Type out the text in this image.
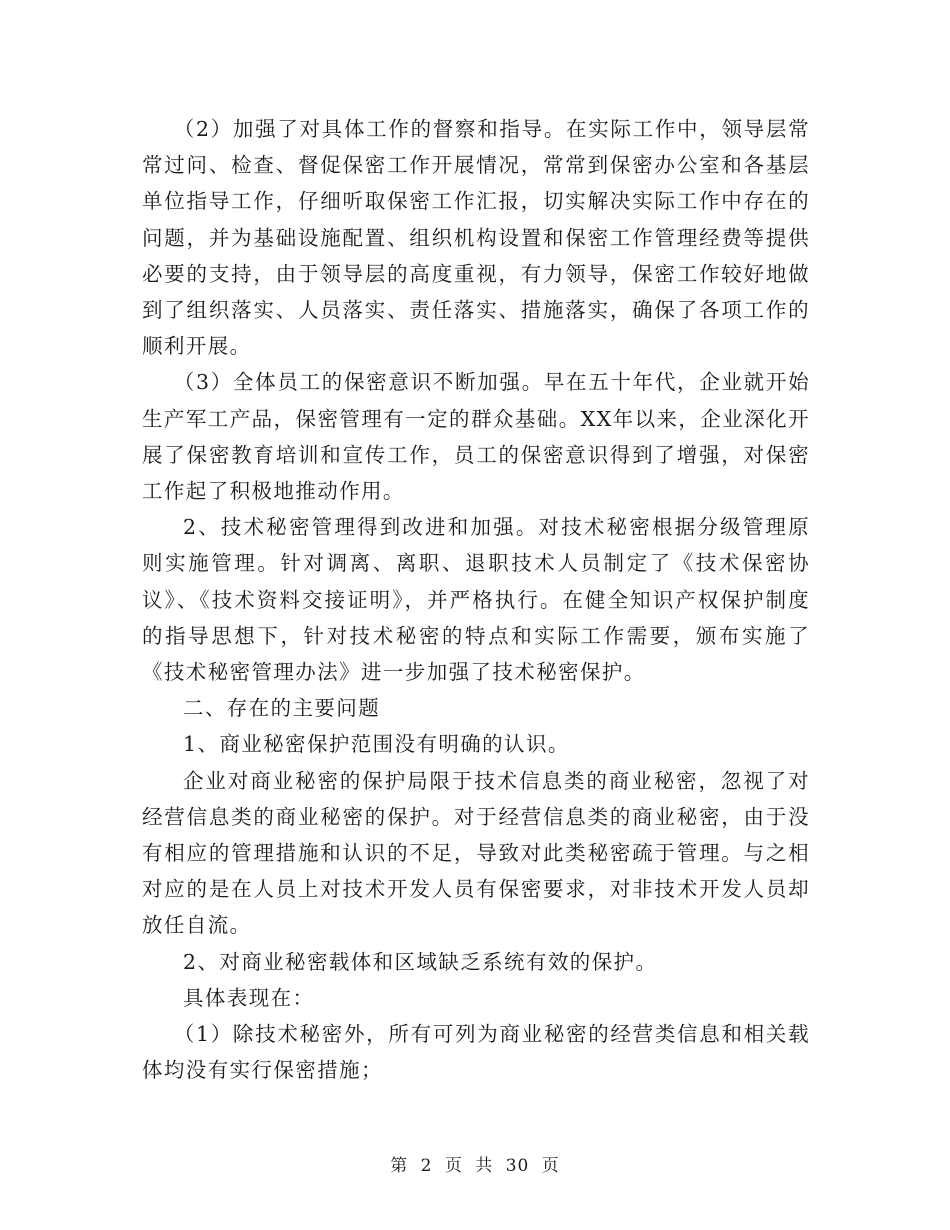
（2）加强了对具体工作的督察和指导。在实际工作中，领导层常常过问、检查、督促保密工作开展情况，常常到保密办公室和各基层单位指导工作，仔细听取保密工作汇报，切实解决实际工作中存在的问题，并为基础设施配置、组织机构设置和保密工作管理经费等提供必要的支持，由于领导层的高度重视，有力领导，保密工作较好地做到了组织落实、人员落实、责任落实、措施落实，确保了各项工作的顺利开展。

（3）全体员工的保密意识不断加强。早在五十年代，企业就开始生产军工产品，保密管理有一定的群众基础。XX年以来，企业深化开展了保密教育培训和宣传工作，员工的保密意识得到了增强，对保密工作起了积极地推动作用。

2、技术秘密管理得到改进和加强。对技术秘密根据分级管理原则实施管理。针对调离、离职、退职技术人员制定了《技术保密协议》、《技术资料交接证明》，并严格执行。在健全知识产权保护制度的指导思想下，针对技术秘密的特点和实际工作需要，颁布实施了《技术秘密管理办法》进一步加强了技术秘密保护。

二、存在的主要问题

1、商业秘密保护范围没有明确的认识。

企业对商业秘密的保护局限于技术信息类的商业秘密，忽视了对经营信息类的商业秘密的保护。对于经营信息类的商业秘密，由于没有相应的管理措施和认识的不足，导致对此类秘密疏于管理。与之相对应的是在人员上对技术开发人员有保密要求，对非技术开发人员却放任自流。

2、对商业秘密载体和区域缺乏系统有效的保护。

具体表现在：

（1）除技术秘密外，所有可列为商业秘密的经营类信息和相关载体均没有实行保密措施；

第 2 页 共 30 页
